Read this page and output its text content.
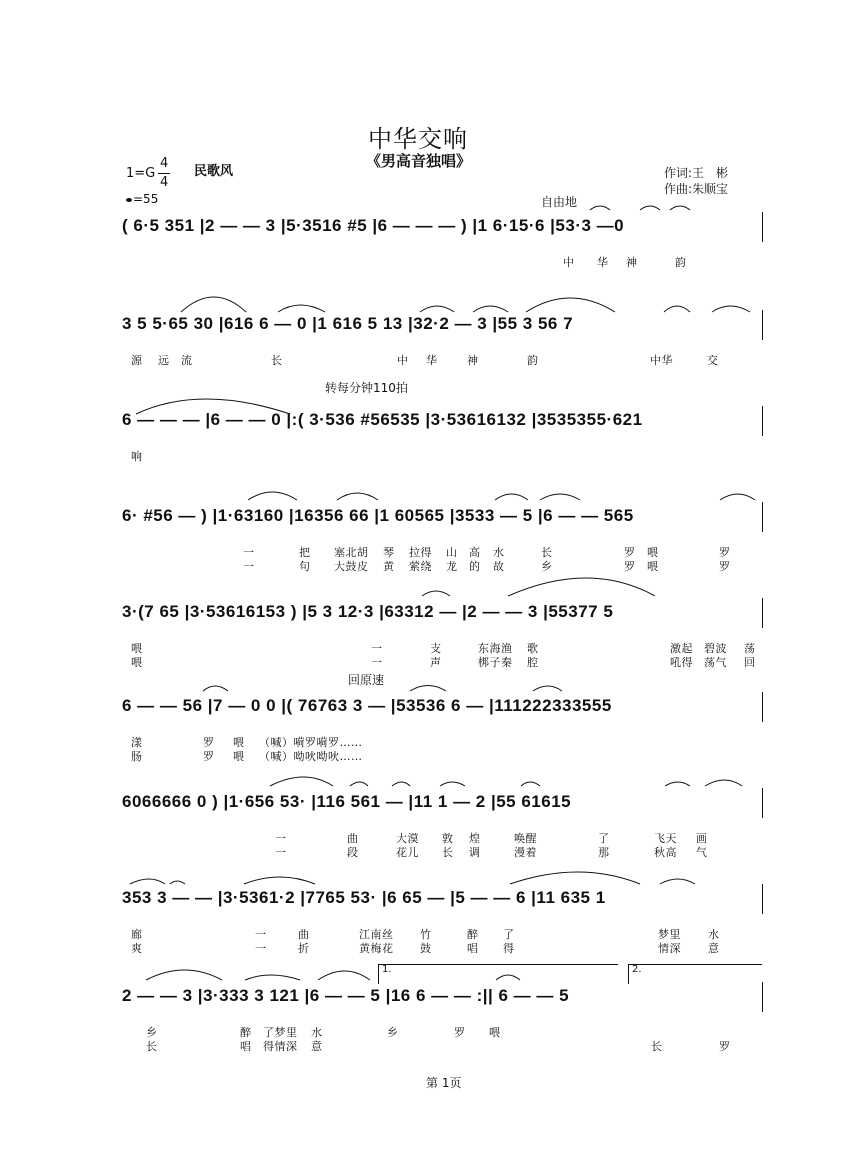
中华交响
《男高音独唱》
1=G
4
4
民歌风
=55
作词:王　彬
作曲:朱顺宝
自由地
转每分钟110拍
回原速
( 6·5 351 |2 — — 3 |5·3516 #5 |6 — — — ) |1 6·15·6 |53·3 —0
中 华 神	韵
3 5 5·65 30 |616 6 — 0 |1 616 5 13 |32·2 — 3 |55 3 56 7
源 远 流	长	中 华	神	韵	中华	交
6 — — — |6 — — 0 |:( 3·536 #56535 |3·53616132 |3535355·621
响
6· #56 — ) |1·63160 |16356 66 |1 60565 |3533 — 5 |6 — — 565
一	把 塞北胡 琴 拉得 山 高 水	长	罗 喂	罗
一	句 大鼓皮 黄 萦绕 龙 的 故	乡	罗 喂	罗
3·(7 65 |3·53616153 ) |5 3 12·3 |63312 — |2 — — 3 |55377 5
喂	一	支	东海渔 歌	激起 碧波 荡
喂	一	声	梆子秦 腔	吼得 荡气 回
6 — — 56 |7 — 0 0 |( 76763 3 — |53536 6 — |111222333555
漾	罗 喂 （喊）嗬罗嗬罗……
肠	罗 喂 （喊）呦吙呦吙……
6066666 0 ) |1·656 53· |116 561 — |11 1 — 2 |55 61615
一	曲	大漠 敦 煌	唤醒	了	飞天 画
一	段	花儿 长 调	漫着	那	秋高 气
353 3 — — |3·5361·2 |7765 53· |6 65 — |5 — — 6 |11 635 1
廊	一	曲	江南丝 竹	醉 了	梦里 水
爽	一	折	黄梅花 鼓	唱 得	情深 意
2 — — 3 |3·333 3 121 |6 — — 5 |16 6 — — :|| 6 — — 5
乡	醉 了梦里 水	乡	罗 喂
长	唱 得情深 意	长	罗
1.	2.
第 1页
